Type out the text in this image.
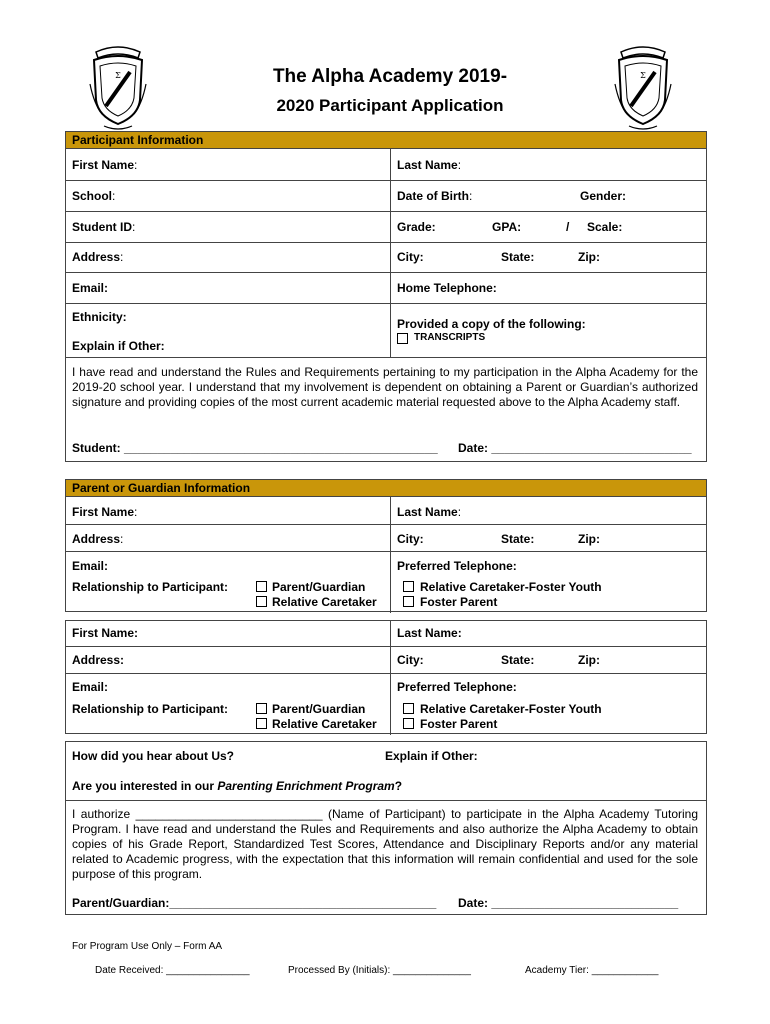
Ʃ	Ʃ
The Alpha Academy 2019-
2020 Participant Application
Participant Information
First Name:	Last Name:
School:	Date of Birth:	Gender:
Student ID:	Grade:	GPA:	/ Scale:
Address:	City:	State:	Zip:
Email:	Home Telephone:
Ethnicity:
Explain if Other:
Provided a copy of the following:
TRANSCRIPTS
I have read and understand the Rules and Requirements pertaining to my participation in the Alpha Academy for the 2019-20 school year. I understand that my involvement is dependent on obtaining a Parent or Guardian’s authorized signature and providing copies of the most current academic material requested above to the Alpha Academy staff.
Student: _______________________________________________ Date: ______________________________
Parent or Guardian Information
First Name:	Last Name:
Address:	City:	State:	Zip:
Email:	Preferred Telephone:
Relationship to Participant:	Parent/Guardian
Relative Caretaker
Relative Caretaker-Foster Youth
Foster Parent
First Name:	Last Name:
Address:	City:	State:	Zip:
Email:	Preferred Telephone:
Relationship to Participant:	Parent/Guardian
Relative Caretaker
Relative Caretaker-Foster Youth
Foster Parent
How did you hear about Us?	Explain if Other:
Are you interested in our Parenting Enrichment Program?
I authorize ____________________________ (Name of Participant) to participate in the Alpha Academy Tutoring Program. I have read and understand the Rules and Requirements and also authorize the Alpha Academy to obtain copies of his Grade Report, Standardized Test Scores, Attendance and Disciplinary Reports and/or any material related to Academic progress, with the expectation that this information will remain confidential and used for the sole purpose of this program.
Parent/Guardian:________________________________________ Date: ____________________________
For Program Use Only – Form AA
Date Received: _______________	Processed By (Initials): ______________	Academy Tier: ____________
